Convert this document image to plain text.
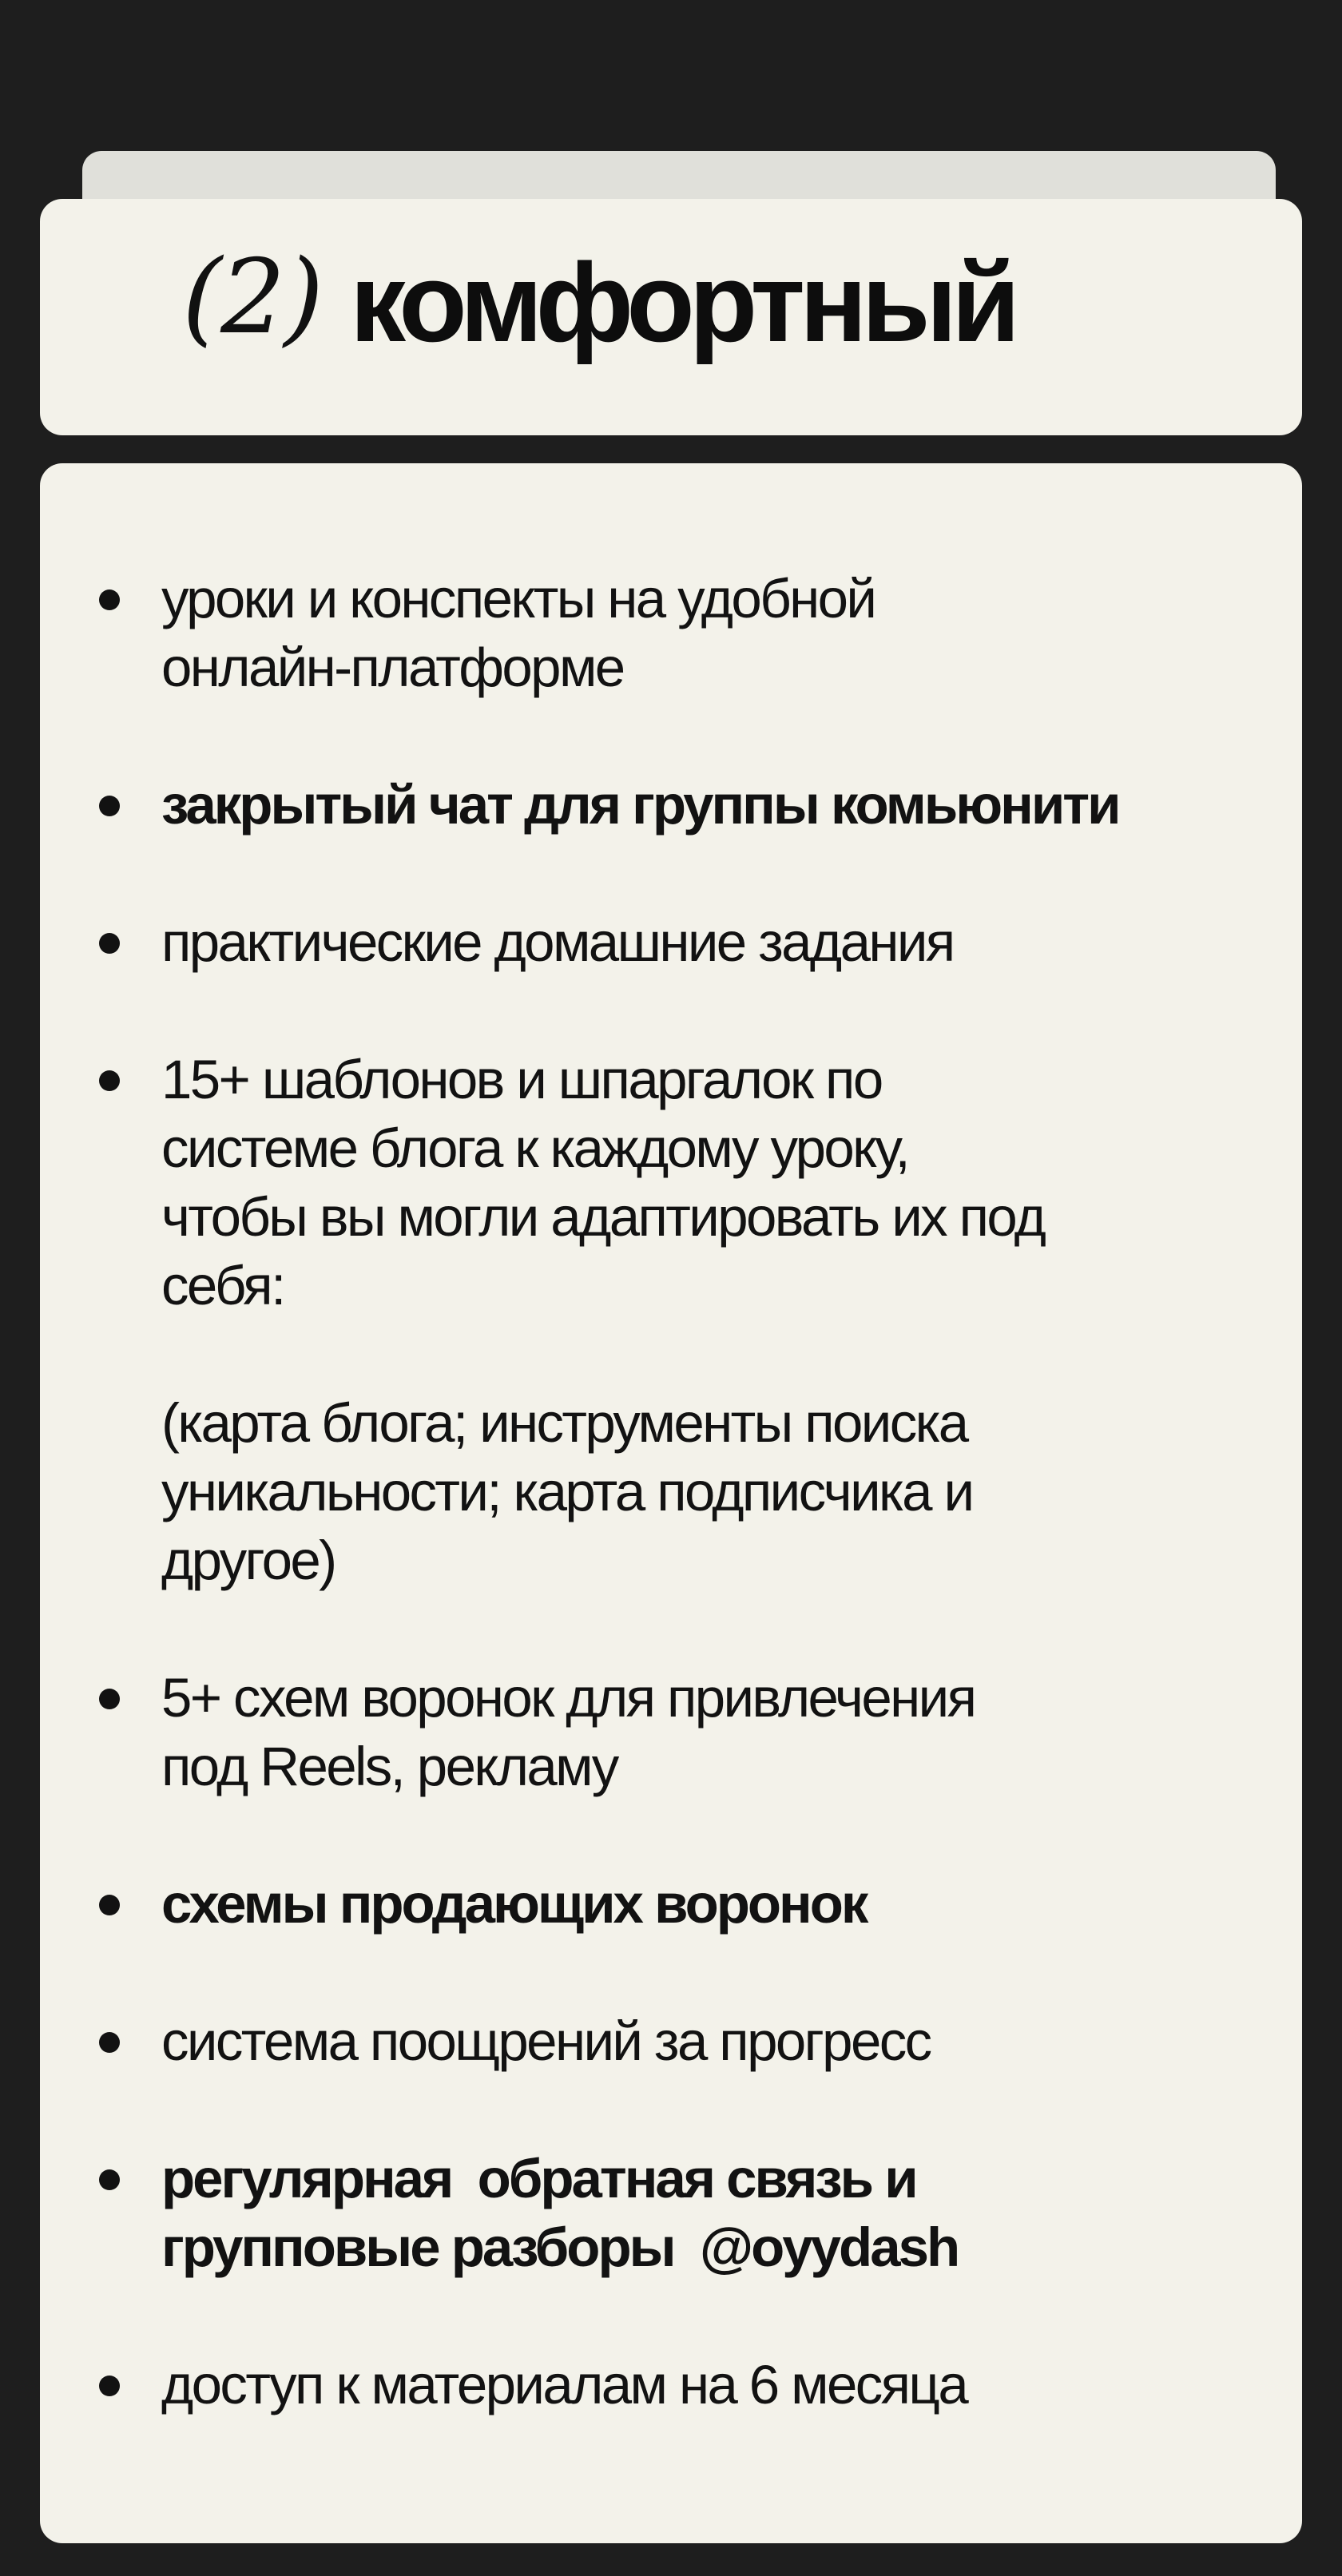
(2) комфортный
уроки и конспекты на удобной
онлайн-платформе
закрытый чат для группы комьюнити
практические домашние задания
15+ шаблонов и шпаргалок по
системе блога к каждому уроку,
чтобы вы могли адаптировать их под
себя:
(карта блога; инструменты поиска
уникальности; карта подписчика и
другое)
5+ схем воронок для привлечения
под Reels, рекламу
схемы продающих воронок
система поощрений за прогресс
регулярная  обратная связь и
групповые разборы  @oyydash
доступ к материалам на 6 месяца
